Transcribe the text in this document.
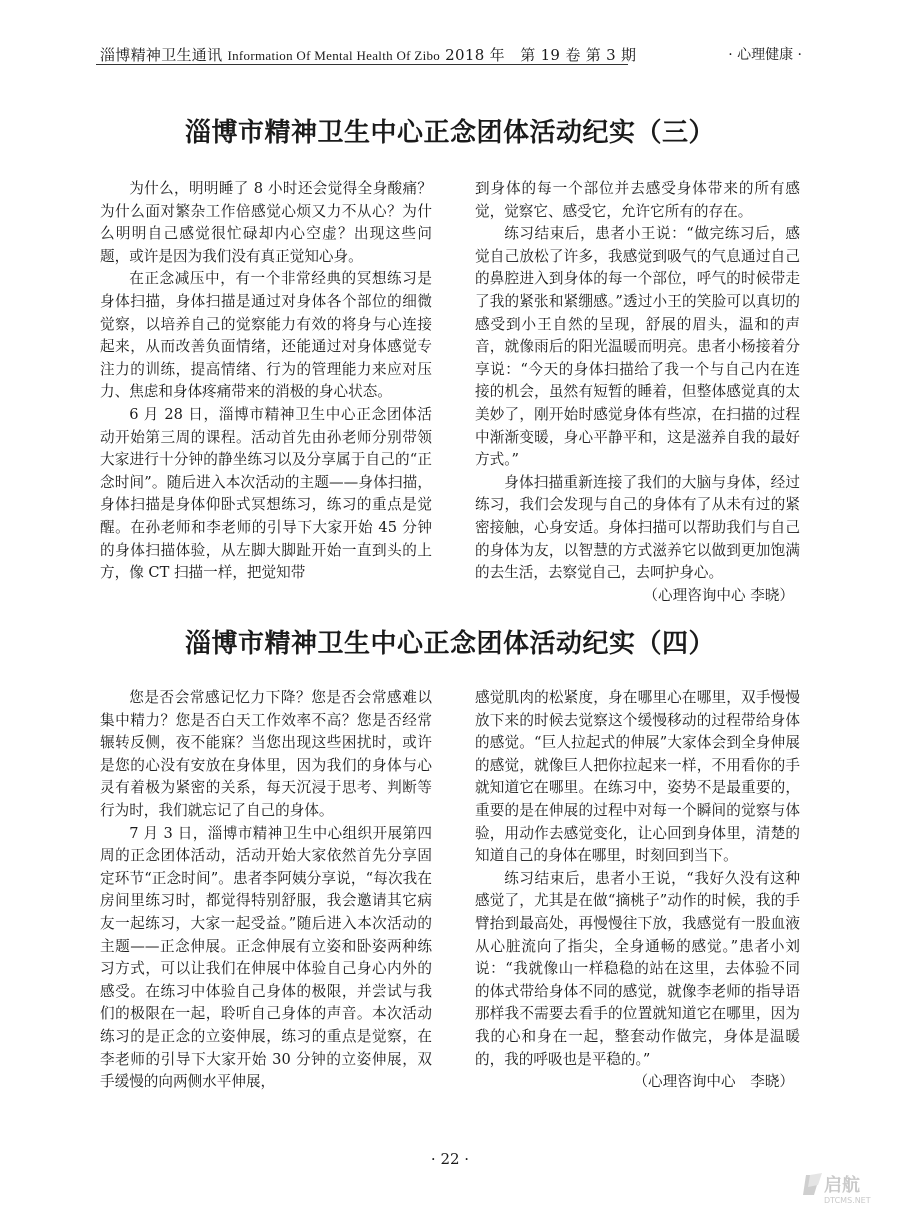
淄博精神卫生通讯 Information Of Mental Health Of Zibo 2018 年　第 19 卷 第 3 期	· 心理健康 ·
淄博市精神卫生中心正念团体活动纪实（三）

为什么，明明睡了 8 小时还会觉得全身酸痛？为什么面对繁杂工作倍感觉心烦又力不从心？为什么明明自己感觉很忙碌却内心空虚？出现这些问题，或许是因为我们没有真正觉知心身。

在正念减压中，有一个非常经典的冥想练习是身体扫描，身体扫描是通过对身体各个部位的细微觉察，以培养自己的觉察能力有效的将身与心连接起来，从而改善负面情绪，还能通过对身体感觉专注力的训练，提高情绪、行为的管理能力来应对压力、焦虑和身体疼痛带来的消极的身心状态。

6 月 28 日，淄博市精神卫生中心正念团体活动开始第三周的课程。活动首先由孙老师分别带领大家进行十分钟的静坐练习以及分享属于自己的“正念时间”。随后进入本次活动的主题——身体扫描，身体扫描是身体仰卧式冥想练习，练习的重点是觉醒。在孙老师和李老师的引导下大家开始 45 分钟的身体扫描体验，从左脚大脚趾开始一直到头的上方，像 CT 扫描一样，把觉知带

到身体的每一个部位并去感受身体带来的所有感觉，觉察它、感受它，允许它所有的存在。

练习结束后，患者小王说：“做完练习后，感觉自己放松了许多，我感觉到吸气的气息通过自己的鼻腔进入到身体的每一个部位，呼气的时候带走了我的紧张和紧绷感。”透过小王的笑脸可以真切的感受到小王自然的呈现，舒展的眉头，温和的声音，就像雨后的阳光温暖而明亮。患者小杨接着分享说：“今天的身体扫描给了我一个与自己内在连接的机会，虽然有短暂的睡着，但整体感觉真的太美妙了，刚开始时感觉身体有些凉，在扫描的过程中渐渐变暖，身心平静平和，这是滋养自我的最好方式。”

身体扫描重新连接了我们的大脑与身体，经过练习，我们会发现与自己的身体有了从未有过的紧密接触，心身安适。身体扫描可以帮助我们与自己的身体为友，以智慧的方式滋养它以做到更加饱满的去生活，去察觉自己，去呵护身心。

（心理咨询中心 李晓）
淄博市精神卫生中心正念团体活动纪实（四）

您是否会常感记忆力下降？您是否会常感难以集中精力？您是否白天工作效率不高？您是否经常辗转反侧，夜不能寐？当您出现这些困扰时，或许是您的心没有安放在身体里，因为我们的身体与心灵有着极为紧密的关系，每天沉浸于思考、判断等行为时，我们就忘记了自己的身体。

7 月 3 日，淄博市精神卫生中心组织开展第四周的正念团体活动，活动开始大家依然首先分享固定环节“正念时间”。患者李阿姨分享说，“每次我在房间里练习时，都觉得特别舒服，我会邀请其它病友一起练习，大家一起受益。”随后进入本次活动的主题——正念伸展。正念伸展有立姿和卧姿两种练习方式，可以让我们在伸展中体验自己身心内外的感受。在练习中体验自己身体的极限，并尝试与我们的极限在一起，聆听自己身体的声音。本次活动练习的是正念的立姿伸展，练习的重点是觉察，在李老师的引导下大家开始 30 分钟的立姿伸展，双手缓慢的向两侧水平伸展，

感觉肌肉的松紧度，身在哪里心在哪里，双手慢慢放下来的时候去觉察这个缓慢移动的过程带给身体的感觉。“巨人拉起式的伸展”大家体会到全身伸展的感觉，就像巨人把你拉起来一样，不用看你的手就知道它在哪里。在练习中，姿势不是最重要的，重要的是在伸展的过程中对每一个瞬间的觉察与体验，用动作去感觉变化，让心回到身体里，清楚的知道自己的身体在哪里，时刻回到当下。

练习结束后，患者小王说，“我好久没有这种感觉了，尤其是在做“摘桃子”动作的时候，我的手臂抬到最高处，再慢慢往下放，我感觉有一股血液从心脏流向了指尖，全身通畅的感觉。”患者小刘说：“我就像山一样稳稳的站在这里，去体验不同的体式带给身体不同的感觉，就像李老师的指导语那样我不需要去看手的位置就知道它在哪里，因为我的心和身在一起，整套动作做完，身体是温暖的，我的呼吸也是平稳的。”

（心理咨询中心　李晓）
· 22 ·
启航
DTCMS.NET
